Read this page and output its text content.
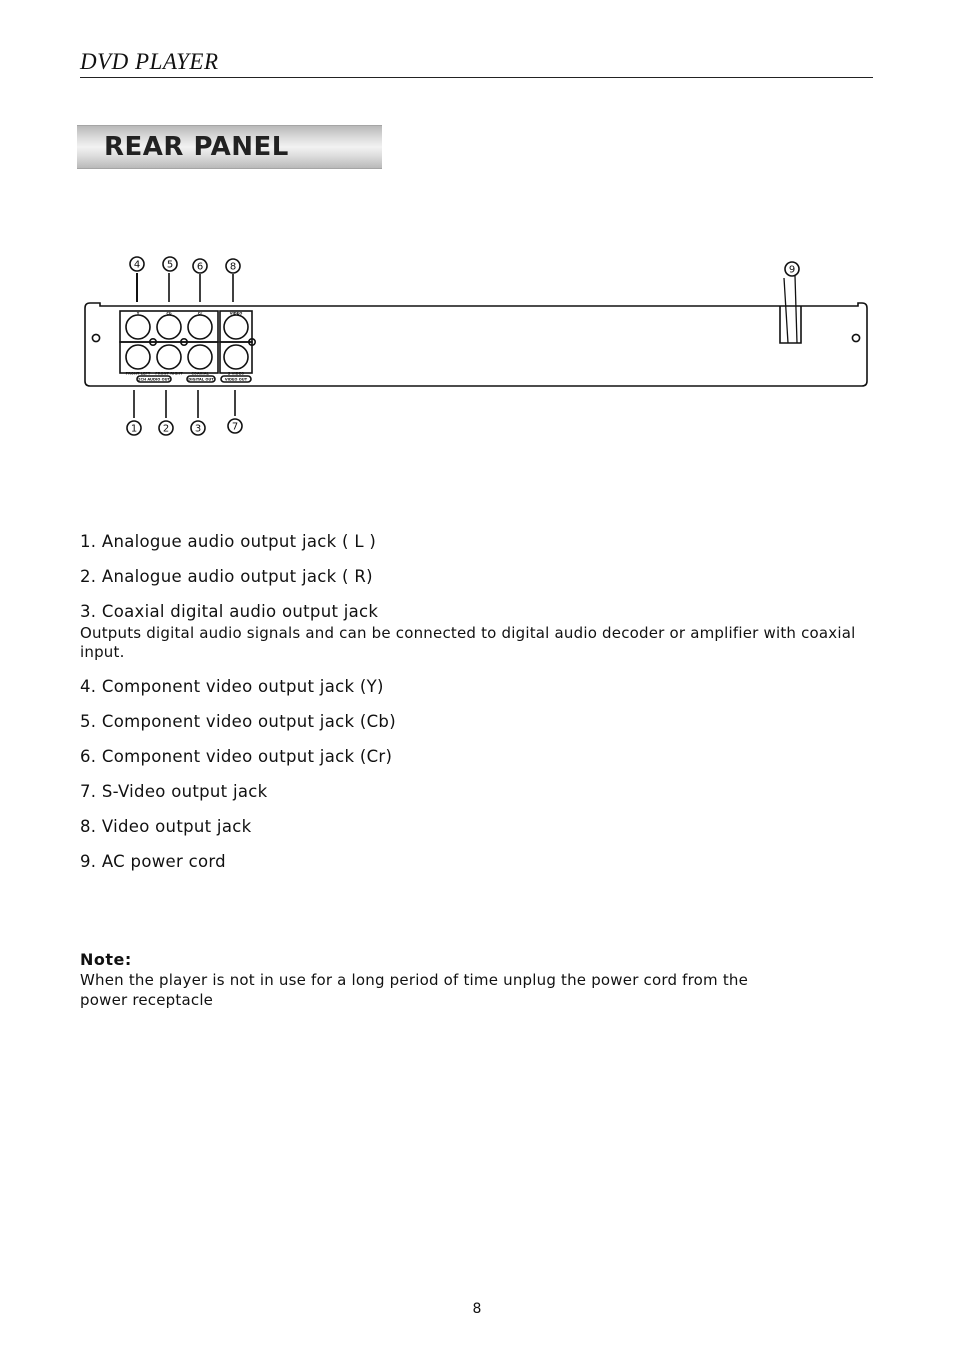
DVD PLAYER
REAR PANEL
4	5 6	8	9
1	2	3	7
Y	Cb	Cr	VIDEO
FRONT LEFT FRONT RIGHT COAXIAL	S-VIDEO
2CH AUDIO OUT	DIGITAL OUT	VIDEO OUT
1. Analogue audio output jack ( L )
2. Analogue audio output jack ( R)
3. Coaxial digital audio output jack
Outputs digital audio signals and can be connected to digital audio decoder or amplifier with coaxial input.
4. Component video output jack (Y)
5. Component video output jack (Cb)
6. Component video output jack (Cr)
7. S-Video output jack
8. Video output jack
9. AC power cord
Note:
When the player is not in use for a long period of time unplug the power cord from the power receptacle
8
